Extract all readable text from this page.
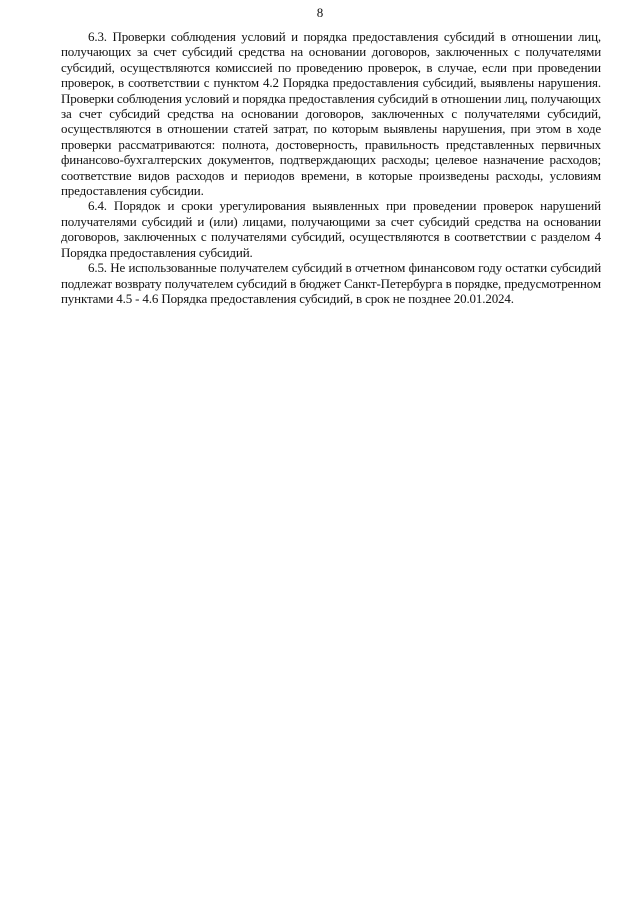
8

6.3. Проверки соблюдения условий и порядка предоставления субсидий в отношении лиц, получающих за счет субсидий средства на основании договоров, заключенных с получателями субсидий, осуществляются комиссией по проведению проверок, в случае, если при проведении проверок, в соответствии с пунктом 4.2 Порядка предоставления субсидий, выявлены нарушения. Проверки соблюдения условий и порядка предоставления субсидий в отношении лиц, получающих за счет субсидий средства на основании договоров, заключенных с получателями субсидий, осуществляются в отношении статей затрат, по которым выявлены нарушения, при этом в ходе проверки рассматриваются: полнота, достоверность, правильность представленных первичных финансово-бухгалтерских документов, подтверждающих расходы; целевое назначение расходов; соответствие видов расходов и периодов времени, в которые произведены расходы, условиям предоставления субсидии.

6.4. Порядок и сроки урегулирования выявленных при проведении проверок нарушений получателями субсидий и (или) лицами, получающими за счет субсидий средства на основании договоров, заключенных с получателями субсидий, осуществляются в соответствии с разделом 4 Порядка предоставления субсидий.

6.5. Не использованные получателем субсидий в отчетном финансовом году остатки субсидий подлежат возврату получателем субсидий в бюджет Санкт-Петербурга в порядке, предусмотренном пунктами 4.5 - 4.6 Порядка предоставления субсидий, в срок не позднее 20.01.2024.
